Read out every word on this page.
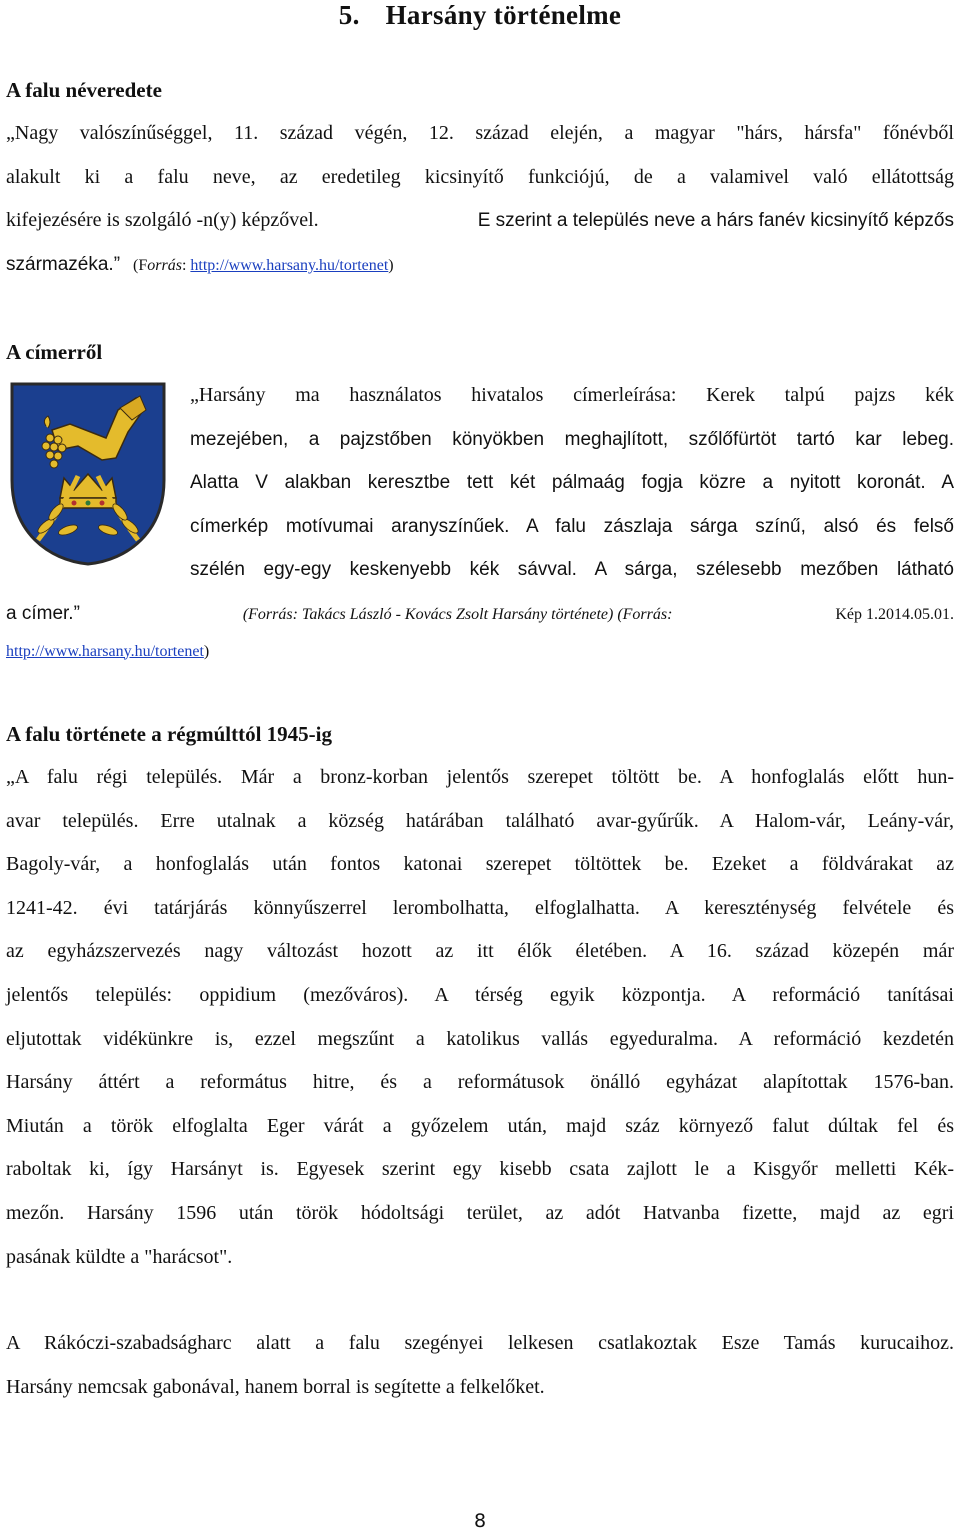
5. Harsány történelme
A falu néveredete
„Nagy valószínűséggel, 11. század végén, 12. század elején, a magyar "hárs, hársfa" főnévből
alakult ki a falu neve, az eredetileg kicsinyítő funkciójú, de a valamivel való ellátottság
kifejezésére is szolgáló -n(y) képzővel.	E szerint a település neve a hárs fanév kicsinyítő képzős
származéka.” (Forrás: http://www.harsany.hu/tortenet)
A címerről
„Harsány ma használatos hivatalos címerleírása: Kerek talpú pajzs kék
mezejében, a pajzstőben könyökben meghajlított, szőlőfürtöt tartó kar lebeg.
Alatta V alakban keresztbe tett két pálmaág fogja közre a nyitott koronát. A
címerkép motívumai aranyszínűek. A falu zászlaja sárga színű, alsó és felső
szélén egy-egy keskenyebb kék sávval. A sárga, szélesebb mezőben látható
a címer.”	(Forrás: Takács László - Kovács Zsolt Harsány története) (Forrás:	Kép 1.2014.05.01.
http://www.harsany.hu/tortenet)
A falu története a régmúlttól 1945-ig
„A falu régi település. Már a bronz-korban jelentős szerepet töltött be. A honfoglalás előtt hun-
avar település. Erre utalnak a község határában található avar-gyűrűk. A Halom-vár, Leány-vár,
Bagoly-vár, a honfoglalás után fontos katonai szerepet töltöttek be. Ezeket a földvárakat az
1241-42. évi tatárjárás könnyűszerrel lerombolhatta, elfoglalhatta. A kereszténység felvétele és
az egyházszervezés nagy változást hozott az itt élők életében. A 16. század közepén már
jelentős település: oppidium (mezőváros). A térség egyik központja. A reformáció tanításai
eljutottak vidékünkre is, ezzel megszűnt a katolikus vallás egyeduralma. A reformáció kezdetén
Harsány áttért a református hitre, és a reformátusok önálló egyházat alapítottak 1576-ban.
Miután a török elfoglalta Eger várát a győzelem után, majd száz környező falut dúltak fel és
raboltak ki, így Harsányt is. Egyesek szerint egy kisebb csata zajlott le a Kisgyőr melletti Kék-
mezőn. Harsány 1596 után török hódoltsági terület, az adót Hatvanba fizette, majd az egri
pasának küldte a "harácsot".
A Rákóczi-szabadságharc alatt a falu szegényei lelkesen csatlakoztak Esze Tamás kurucaihoz.
Harsány nemcsak gabonával, hanem borral is segítette a felkelőket.
8
